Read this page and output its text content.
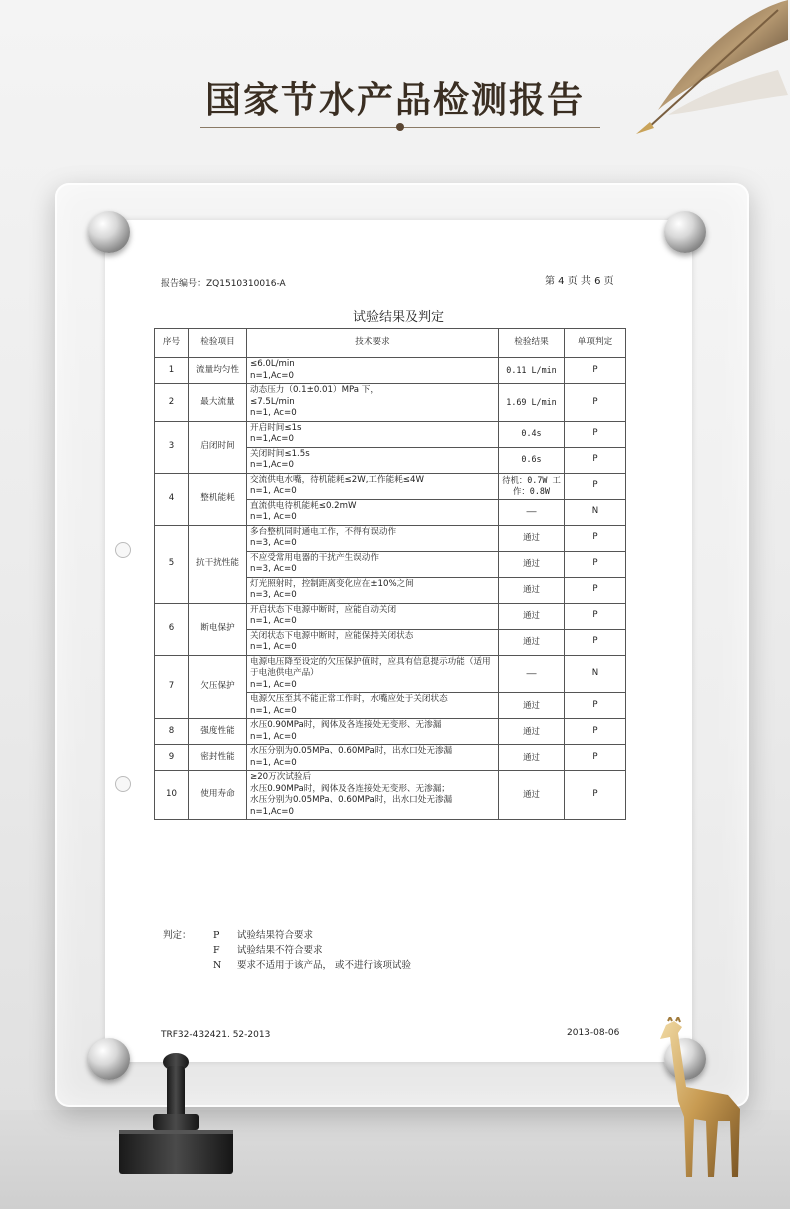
国家节水产品检测报告
报告编号：ZQ1510310016-A	第 4 页 共 6 页
试验结果及判定
序号	检验项目	技术要求	检验结果	单项判定
1	流量均匀性	≤6.0L/min
n=1,Ac=0	0.11 L/min	P
2	最大流量	动态压力（0.1±0.01）MPa 下，
≤7.5L/min
n=1, Ac=0	1.69 L/min	P
3	启闭时间	开启时间≤1s
n=1,Ac=0	0.4s	P

		关闭时间≤1.5s
n=1,Ac=0	0.6s	P
4	整机能耗	交流供电水嘴，待机能耗≤2W,工作能耗≤4W
n=1, Ac=0	待机：0.7W 工作：0.8W	P

		直流供电待机能耗≤0.2mW
n=1, Ac=0	——	N
5	抗干扰性能	多台整机同时通电工作，不得有误动作
n=3, Ac=0	通过	P

		不应受常用电器的干扰产生误动作
n=3, Ac=0	通过	P

		灯光照射时，控制距离变化应在±10%之间
n=3, Ac=0	通过	P
6	断电保护	开启状态下电源中断时，应能自动关闭
n=1, Ac=0	通过	P

		关闭状态下电源中断时，应能保持关闭状态
n=1, Ac=0	通过	P
7	欠压保护	电源电压降至设定的欠压保护值时，应具有信息提示功能（适用于电池供电产品）
n=1, Ac=0	——	N

		电源欠压至其不能正常工作时，水嘴应处于关闭状态
n=1, Ac=0	通过	P
8	强度性能	水压0.90MPa时，阀体及各连接处无变形、无渗漏
n=1, Ac=0	通过	P
9	密封性能	水压分别为0.05MPa、0.60MPa时，出水口处无渗漏
n=1, Ac=0	通过	P
10	使用寿命	≥20万次试验后
水压0.90MPa时，阀体及各连接处无变形、无渗漏；
水压分别为0.05MPa、0.60MPa时，出水口处无渗漏
n=1,Ac=0	通过	P
判定： P 试验结果符合要求
F 试验结果不符合要求
N 要求不适用于该产品， 或不进行该项试验
TRF32-432421. 52-2013	2013-08-06
